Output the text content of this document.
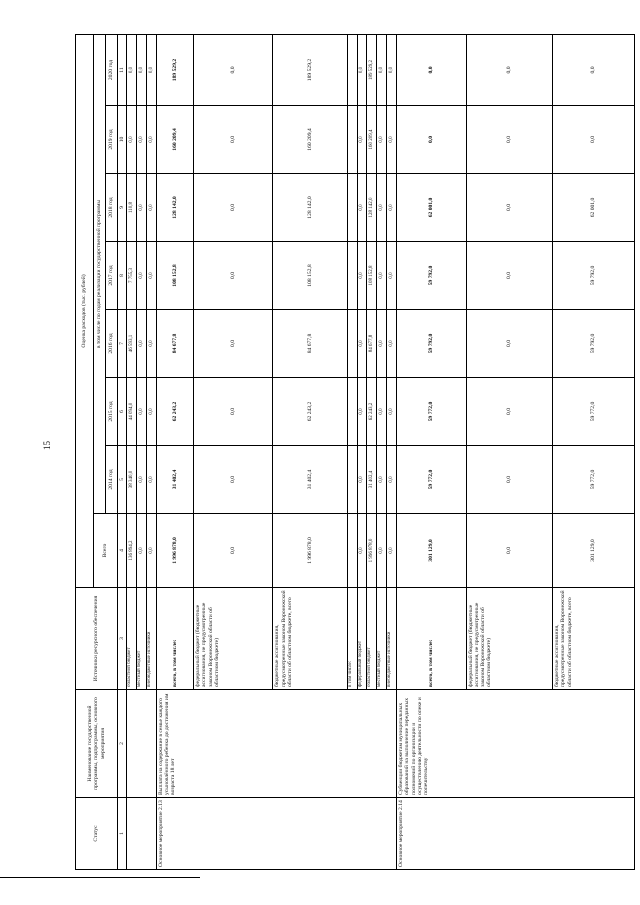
15
Статус	Наименование государственной программы, подпрограммы, основного мероприятия	Источники ресурсного обеспечения	Оценка расходов (тыс. рублей)							
			Всего	в том числе по годам реализации государственной программы						
				2014 год	2015 год	2016 год	2017 год	2018 год	2019 год	2020 год
1	2	3	4	5	6	7	8	9	10	11
		областной бюджет	136 894,2	38 340,0	44 094,0	46 593,1	7 755,3	110,8	0,0	0,0
		местный бюджет	0,0	0,0	0,0	0,0	0,0	0,0	0,0	0,0
		внебюджетные источники	0,0	0,0	0,0	0,0	0,0	0,0	0,0	0,0
Основное мероприятие 2.13	Выплата на содержание в семье каждого усыновлённого ребенка до достижения им возраста 18 лет	всего, в том числе:	1 996 878,0	31 402,4	62 243,2	84 677,8	108 152,8	128 142,0	160 209,4	189 529,2
		федеральный бюджет (бюджетные ассигнования, не предусмотренные законом Воронежской области об областном бюджете)	0,0	0,0	0,0	0,0	0,0	0,0	0,0	0,0
		бюджетные ассигнования, предусмотренные законом Воронежской области об областном бюджете, всего	1 996 878,0	31 402,4	62 243,2	84 677,8	108 152,8	128 142,0	160 209,4	189 529,2
		в том числе:								
		федеральный бюджет	0,0	0,0	0,0	0,0	0,0	0,0	0,0	0,0
		областной бюджет	1 996 878,0	31 402,4	62 243,2	84 677,8	108 152,8	128 142,0	160 209,4	189 529,2
		местный бюджет	0,0	0,0	0,0	0,0	0,0	0,0	0,0	0,0
		внебюджетные источники	0,0	0,0	0,0	0,0	0,0	0,0	0,0	0,0
Основное мероприятие 2.14	Субвенции бюджетам муниципальных образований на выполнение переданных полномочий по организации и осуществлению деятельности по опеке и попечительству	всего, в том числе:	301 129,0	59 772,0	59 772,0	59 792,0	59 792,0	62 001,0	0,0	0,0
		федеральный бюджет (бюджетные ассигнования, не предусмотренные законом Воронежской области об областном бюджете)	0,0	0,0	0,0	0,0	0,0	0,0	0,0	0,0
		бюджетные ассигнования, предусмотренные законом Воронежской области об областном бюджете, всего	301 129,0	59 772,0	59 772,0	59 792,0	59 792,0	62 001,0	0,0	0,0
